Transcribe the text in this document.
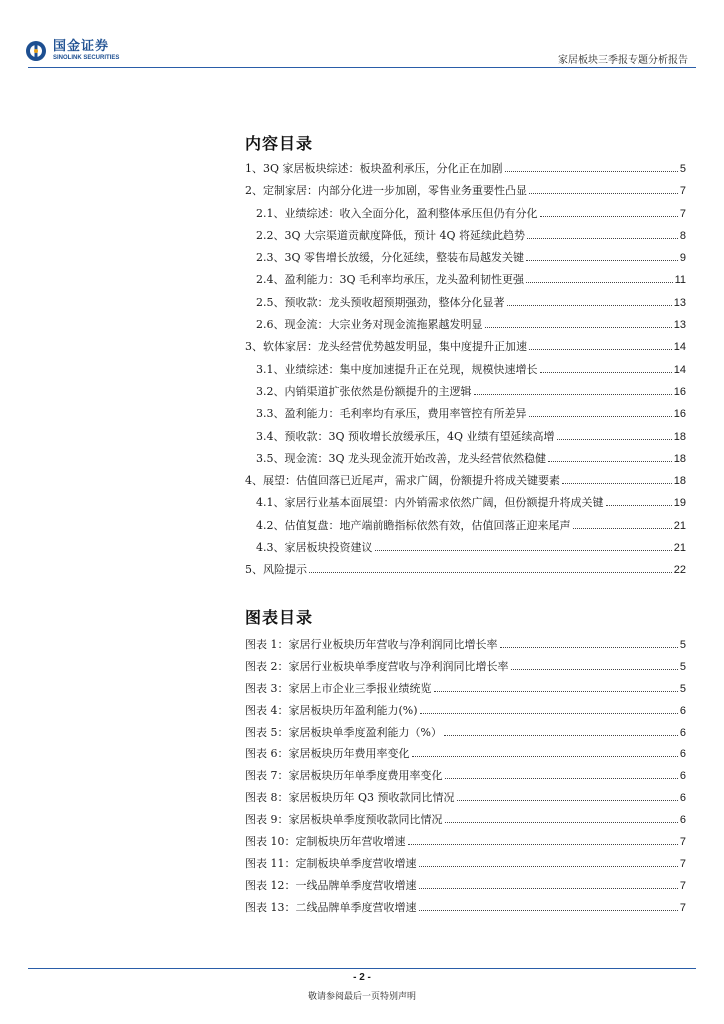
国金证券
SINOLINK SECURITIES	家居板块三季报专题分析报告
内容目录
1、3Q 家居板块综述：板块盈利承压，分化正在加剧	5
2、定制家居：内部分化进一步加剧，零售业务重要性凸显	7
2.1、业绩综述：收入全面分化，盈利整体承压但仍有分化	7
2.2、3Q 大宗渠道贡献度降低，预计 4Q 将延续此趋势	8
2.3、3Q 零售增长放缓，分化延续，整装布局越发关键	9
2.4、盈利能力：3Q 毛利率均承压，龙头盈利韧性更强	11
2.5、预收款：龙头预收超预期强劲，整体分化显著	13
2.6、现金流：大宗业务对现金流拖累越发明显	13
3、软体家居：龙头经营优势越发明显，集中度提升正加速	14
3.1、业绩综述：集中度加速提升正在兑现，规模快速增长	14
3.2、内销渠道扩张依然是份额提升的主逻辑	16
3.3、盈利能力：毛利率均有承压，费用率管控有所差异	16
3.4、预收款：3Q 预收增长放缓承压，4Q 业绩有望延续高增	18
3.5、现金流：3Q 龙头现金流开始改善，龙头经营依然稳健	18
4、展望：估值回落已近尾声，需求广阔，份额提升将成关键要素	18
4.1、家居行业基本面展望：内外销需求依然广阔，但份额提升将成关键	19
4.2、估值复盘：地产端前瞻指标依然有效，估值回落正迎来尾声	21
4.3、家居板块投资建议	21
5、风险提示	22
图表目录
图表 1：家居行业板块历年营收与净利润同比增长率	5
图表 2：家居行业板块单季度营收与净利润同比增长率	5
图表 3：家居上市企业三季报业绩统览	5
图表 4：家居板块历年盈利能力(%)	6
图表 5：家居板块单季度盈利能力（%）	6
图表 6：家居板块历年费用率变化	6
图表 7：家居板块历年单季度费用率变化	6
图表 8：家居板块历年 Q3 预收款同比情况	6
图表 9：家居板块单季度预收款同比情况	6
图表 10：定制板块历年营收增速	7
图表 11：定制板块单季度营收增速	7
图表 12：一线品牌单季度营收增速	7
图表 13：二线品牌单季度营收增速	7
- 2 -
敬请参阅最后一页特别声明
